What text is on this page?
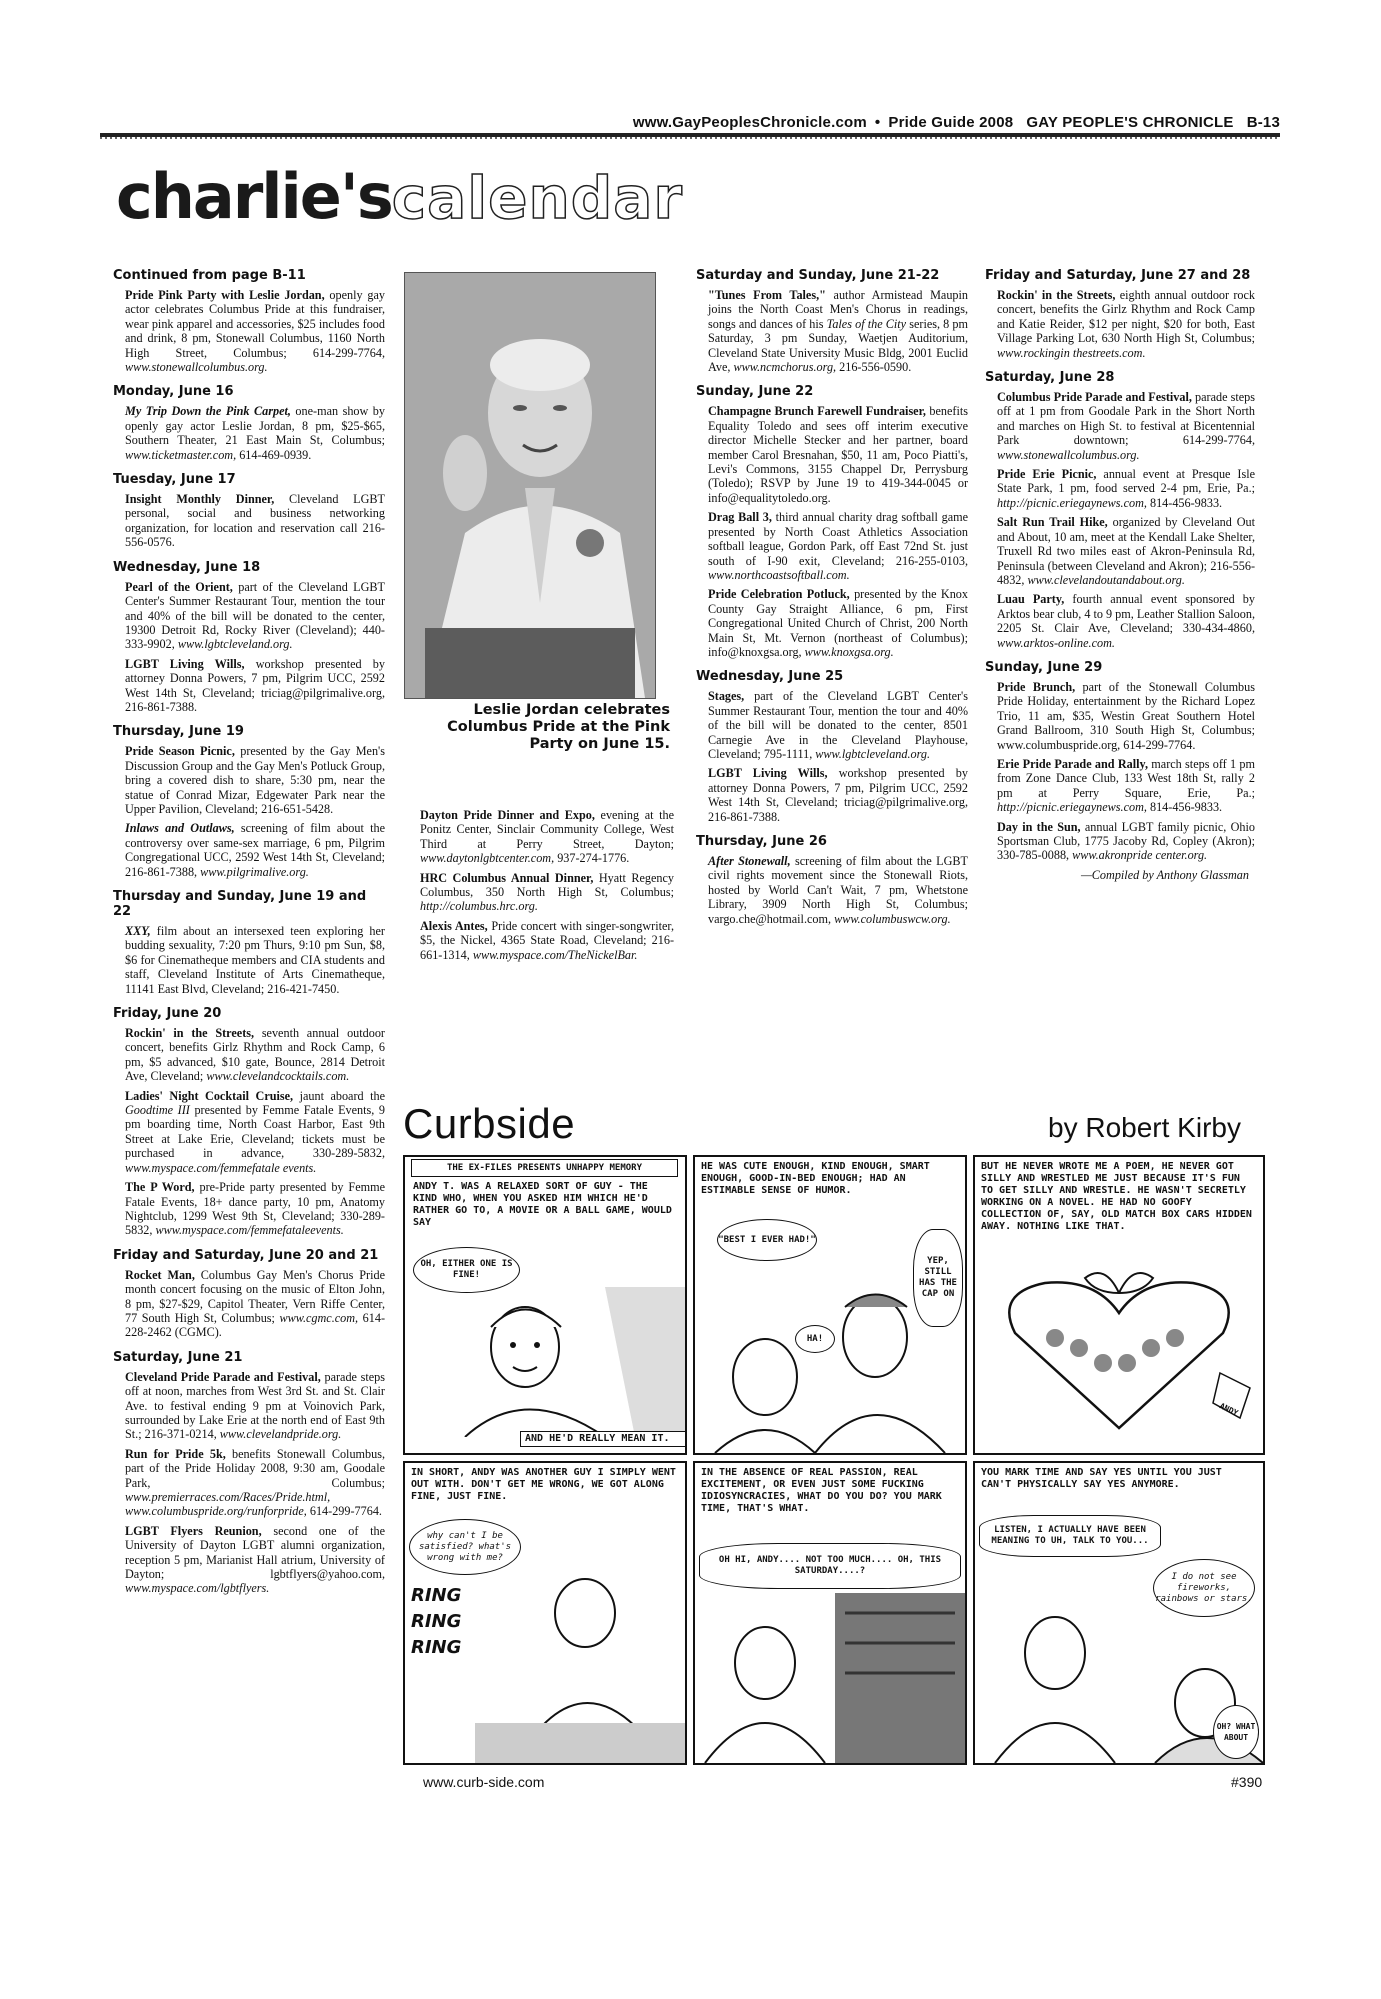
www.GayPeoplesChronicle.com • Pride Guide 2008 GAY PEOPLE'S CHRONICLE B-13
charlie'scalendar
Continued from page B-11

Pride Pink Party with Leslie Jordan, openly gay actor celebrates Columbus Pride at this fundraiser, wear pink apparel and accessories, $25 includes food and drink, 8 pm, Stonewall Columbus, 1160 North High Street, Columbus; 614-299-7764, www.stonewallcolumbus.org.

Monday, June 16

My Trip Down the Pink Carpet, one-man show by openly gay actor Leslie Jordan, 8 pm, $25-$65, Southern Theater, 21 East Main St, Columbus; www.ticketmaster.com, 614-469-0939.

Tuesday, June 17

Insight Monthly Dinner, Cleveland LGBT personal, social and business networking organization, for location and reservation call 216-556-0576.

Wednesday, June 18

Pearl of the Orient, part of the Cleveland LGBT Center's Summer Restaurant Tour, mention the tour and 40% of the bill will be donated to the center, 19300 Detroit Rd, Rocky River (Cleveland); 440-333-9902, www.lgbtcleveland.org.

LGBT Living Wills, workshop presented by attorney Donna Powers, 7 pm, Pilgrim UCC, 2592 West 14th St, Cleveland; triciag@pilgrimalive.org, 216-861-7388.

Thursday, June 19

Pride Season Picnic, presented by the Gay Men's Discussion Group and the Gay Men's Potluck Group, bring a covered dish to share, 5:30 pm, near the statue of Conrad Mizar, Edgewater Park near the Upper Pavilion, Cleveland; 216-651-5428.

Inlaws and Outlaws, screening of film about the controversy over same-sex marriage, 6 pm, Pilgrim Congregational UCC, 2592 West 14th St, Cleveland; 216-861-7388, www.pilgrimalive.org.

Thursday and Sunday, June 19 and 22

XXY, film about an intersexed teen exploring her budding sexuality, 7:20 pm Thurs, 9:10 pm Sun, $8, $6 for Cinematheque members and CIA students and staff, Cleveland Institute of Arts Cinematheque, 11141 East Blvd, Cleveland; 216-421-7450.

Friday, June 20

Rockin' in the Streets, seventh annual outdoor concert, benefits Girlz Rhythm and Rock Camp, 6 pm, $5 advanced, $10 gate, Bounce, 2814 Detroit Ave, Cleveland; www.clevelandcocktails.com.

Ladies' Night Cocktail Cruise, jaunt aboard the Goodtime III presented by Femme Fatale Events, 9 pm boarding time, North Coast Harbor, East 9th Street at Lake Erie, Cleveland; tickets must be purchased in advance, 330-289-5832, www.myspace.com/femmefatale events.

The P Word, pre-Pride party presented by Femme Fatale Events, 18+ dance party, 10 pm, Anatomy Nightclub, 1299 West 9th St, Cleveland; 330-289-5832, www.myspace.com/femmefataleevents.

Friday and Saturday, June 20 and 21

Rocket Man, Columbus Gay Men's Chorus Pride month concert focusing on the music of Elton John, 8 pm, $27-$29, Capitol Theater, Vern Riffe Center, 77 South High St, Columbus; www.cgmc.com, 614-228-2462 (CGMC).

Saturday, June 21

Cleveland Pride Parade and Festival, parade steps off at noon, marches from West 3rd St. and St. Clair Ave. to festival ending 9 pm at Voinovich Park, surrounded by Lake Erie at the north end of East 9th St.; 216-371-0214, www.clevelandpride.org.

Run for Pride 5k, benefits Stonewall Columbus, part of the Pride Holiday 2008, 9:30 am, Goodale Park, Columbus; www.premierraces.com/Races/Pride.html, www.columbuspride.org/runforpride, 614-299-7764.

LGBT Flyers Reunion, second one of the University of Dayton LGBT alumni organization, reception 5 pm, Marianist Hall atrium, University of Dayton; lgbtflyers@yahoo.com, www.myspace.com/lgbtflyers.

Leslie Jordan celebrates Columbus Pride at the Pink Party on June 15.

Dayton Pride Dinner and Expo, evening at the Ponitz Center, Sinclair Community College, West Third at Perry Street, Dayton; www.daytonlgbtcenter.com, 937-274-1776.

HRC Columbus Annual Dinner, Hyatt Regency Columbus, 350 North High St, Columbus; http://columbus.hrc.org.

Alexis Antes, Pride concert with singer-songwriter, $5, the Nickel, 4365 State Road, Cleveland; 216-661-1314, www.myspace.com/TheNickelBar.

Saturday and Sunday, June 21-22

"Tunes From Tales," author Armistead Maupin joins the North Coast Men's Chorus in readings, songs and dances of his Tales of the City series, 8 pm Saturday, 3 pm Sunday, Waetjen Auditorium, Cleveland State University Music Bldg, 2001 Euclid Ave, www.ncmchorus.org, 216-556-0590.

Sunday, June 22

Champagne Brunch Farewell Fundraiser, benefits Equality Toledo and sees off interim executive director Michelle Stecker and her partner, board member Carol Bresnahan, $50, 11 am, Poco Piatti's, Levi's Commons, 3155 Chappel Dr, Perrysburg (Toledo); RSVP by June 19 to 419-344-0045 or info@equalitytoledo.org.

Drag Ball 3, third annual charity drag softball game presented by North Coast Athletics Association softball league, Gordon Park, off East 72nd St. just south of I-90 exit, Cleveland; 216-255-0103, www.northcoastsoftball.com.

Pride Celebration Potluck, presented by the Knox County Gay Straight Alliance, 6 pm, First Congregational United Church of Christ, 200 North Main St, Mt. Vernon (northeast of Columbus); info@knoxgsa.org, www.knoxgsa.org.

Wednesday, June 25

Stages, part of the Cleveland LGBT Center's Summer Restaurant Tour, mention the tour and 40% of the bill will be donated to the center, 8501 Carnegie Ave in the Cleveland Playhouse, Cleveland; 795-1111, www.lgbtcleveland.org.

LGBT Living Wills, workshop presented by attorney Donna Powers, 7 pm, Pilgrim UCC, 2592 West 14th St, Cleveland; triciag@pilgrimalive.org, 216-861-7388.

Thursday, June 26

After Stonewall, screening of film about the LGBT civil rights movement since the Stonewall Riots, hosted by World Can't Wait, 7 pm, Whetstone Library, 3909 North High St, Columbus; vargo.che@hotmail.com, www.columbuswcw.org.

Friday and Saturday, June 27 and 28

Rockin' in the Streets, eighth annual outdoor rock concert, benefits the Girlz Rhythm and Rock Camp and Katie Reider, $12 per night, $20 for both, East Village Parking Lot, 630 North High St, Columbus; www.rockingin thestreets.com.

Saturday, June 28

Columbus Pride Parade and Festival, parade steps off at 1 pm from Goodale Park in the Short North and marches on High St. to festival at Bicentennial Park downtown; 614-299-7764, www.stonewallcolumbus.org.

Pride Erie Picnic, annual event at Presque Isle State Park, 1 pm, food served 2-4 pm, Erie, Pa.; http://picnic.eriegaynews.com, 814-456-9833.

Salt Run Trail Hike, organized by Cleveland Out and About, 10 am, meet at the Kendall Lake Shelter, Truxell Rd two miles east of Akron-Peninsula Rd, Peninsula (between Cleveland and Akron); 216-556-4832, www.clevelandoutandabout.org.

Luau Party, fourth annual event sponsored by Arktos bear club, 4 to 9 pm, Leather Stallion Saloon, 2205 St. Clair Ave, Cleveland; 330-434-4860, www.arktos-online.com.

Sunday, June 29

Pride Brunch, part of the Stonewall Columbus Pride Holiday, entertainment by the Richard Lopez Trio, 11 am, $35, Westin Great Southern Hotel Grand Ballroom, 310 South High St, Columbus; www.columbuspride.org, 614-299-7764.

Erie Pride Parade and Rally, march steps off 1 pm from Zone Dance Club, 133 West 18th St, rally 2 pm at Perry Square, Erie, Pa.; http://picnic.eriegaynews.com, 814-456-9833.

Day in the Sun, annual LGBT family picnic, Ohio Sportsman Club, 1775 Jacoby Rd, Copley (Akron); 330-785-0088, www.akronpride center.org.

—Compiled by Anthony Glassman

Curbside	by Robert Kirby
THE EX-FILES PRESENTS UNHAPPY MEMORY
ANDY T. WAS A RELAXED SORT OF GUY - THE KIND WHO, WHEN YOU ASKED HIM WHICH HE'D RATHER GO TO, A MOVIE OR A BALL GAME, WOULD SAY
OH, EITHER ONE IS FINE!
AND HE'D REALLY MEAN IT.
HE WAS CUTE ENOUGH, KIND ENOUGH, SMART ENOUGH, GOOD-IN-BED ENOUGH; HAD AN ESTIMABLE SENSE OF HUMOR.
"BEST I EVER HAD!"
YEP, STILL HAS THE CAP ON
HA!
BUT HE NEVER WROTE ME A POEM, HE NEVER GOT SILLY AND WRESTLED ME JUST BECAUSE IT'S FUN TO GET SILLY AND WRESTLE. HE WASN'T SECRETLY WORKING ON A NOVEL. HE HAD NO GOOFY COLLECTION OF, SAY, OLD MATCH BOX CARS HIDDEN AWAY. NOTHING LIKE THAT.
ANDY
IN SHORT, ANDY WAS ANOTHER GUY I SIMPLY WENT OUT WITH. DON'T GET ME WRONG, WE GOT ALONG FINE, JUST FINE.
why can't I be satisfied? what's wrong with me?
RING RING RING
IN THE ABSENCE OF REAL PASSION, REAL EXCITEMENT, OR EVEN JUST SOME FUCKING IDIOSYNCRACIES, WHAT DO YOU DO? YOU MARK TIME, THAT'S WHAT.
OH HI, ANDY.... NOT TOO MUCH.... OH, THIS SATURDAY....?
YOU MARK TIME AND SAY YES UNTIL YOU JUST CAN'T PHYSICALLY SAY YES ANYMORE.
LISTEN, I ACTUALLY HAVE BEEN MEANING TO UH, TALK TO YOU...
I do not see fireworks, rainbows or stars.
OH? WHAT ABOUT
www.curb-side.com	#390
